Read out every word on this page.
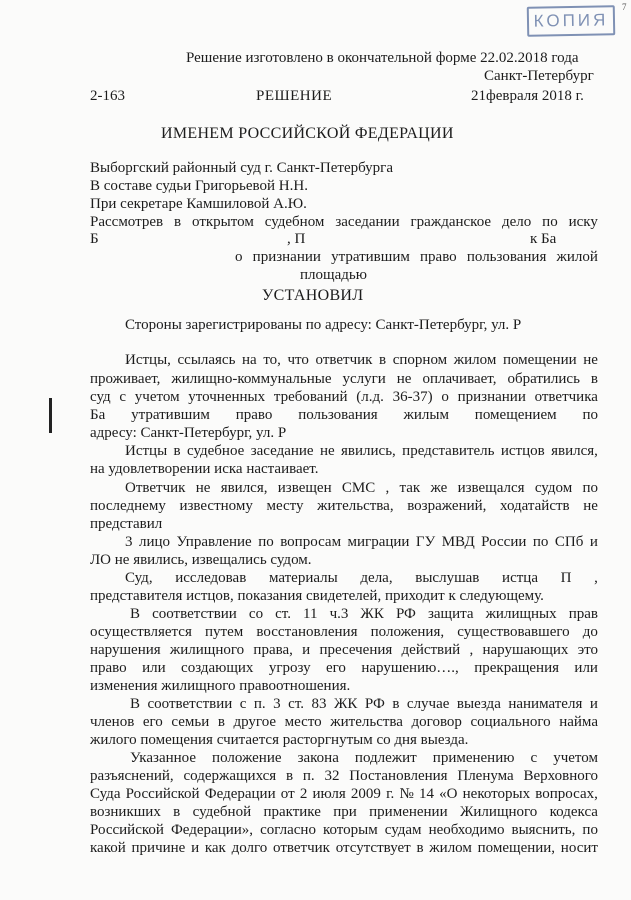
КОПИЯ
7
Решение изготовлено в окончательной форме 22.02.2018 года
Санкт-Петербург
2-163	РЕШЕНИЕ	21февраля 2018 г.
ИМЕНЕМ РОССИЙСКОЙ ФЕДЕРАЦИИ
Выборгский районный суд г. Санкт-Петербурга
В составе судьи Григорьевой Н.Н.
При секретаре Камшиловой А.Ю.
Рассмотрев в открытом судебном заседании гражданское дело по иску
Б	, П	к Ба
о признании утратившим право пользования жилой
площадью
УСТАНОВИЛ
Стороны зарегистрированы по адресу: Санкт-Петербург, ул. Р
Истцы, ссылаясь на то, что ответчик в спорном жилом помещении не
проживает, жилищно-коммунальные услуги не оплачивает, обратились в
суд с учетом уточненных требований (л.д. 36-37) о признании ответчика
Ба утратившим право пользования жилым помещением по
адресу: Санкт-Петербург, ул. Р
Истцы в судебное заседание не явились, представитель истцов явился,
на удовлетворении иска настаивает.
Ответчик не явился, извещен СМС , так же извещался судом по
последнему известному месту жительства, возражений, ходатайств не
представил
3 лицо Управление по вопросам миграции ГУ МВД России по СПб и
ЛО не явились, извещались судом.
Суд, исследовав материалы дела, выслушав истца П ,
представителя истцов, показания свидетелей, приходит к следующему.
В соответствии со ст. 11 ч.3 ЖК РФ защита жилищных прав
осуществляется путем восстановления положения, существовавшего до
нарушения жилищного права, и пресечения действий , нарушающих это
право или создающих угрозу его нарушению…., прекращения или
изменения жилищного правоотношения.
В соответствии с п. 3 ст. 83 ЖК РФ в случае выезда нанимателя и
членов его семьи в другое место жительства договор социального найма
жилого помещения считается расторгнутым со дня выезда.
Указанное положение закона подлежит применению с учетом
разъяснений, содержащихся в п. 32 Постановления Пленума Верховного
Суда Российской Федерации от 2 июля 2009 г. № 14 «О некоторых вопросах,
возникших в судебной практике при применении Жилищного кодекса
Российской Федерации», согласно которым судам необходимо выяснить, по
какой причине и как долго ответчик отсутствует в жилом помещении, носит
